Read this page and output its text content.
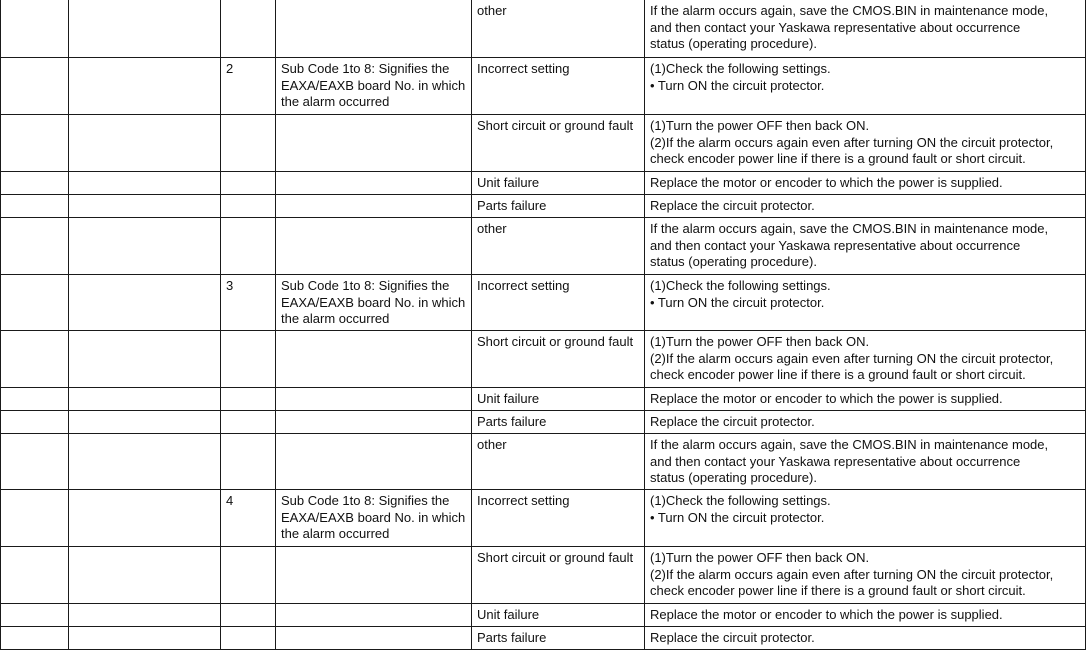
				other	If the alarm occurs again, save the CMOS.BIN in maintenance mode,
and then contact your Yaskawa representative about occurrence
status (operating procedure).

		2	Sub Code 1to 8: Signifies the EAXA/EAXB board No. in which the alarm occurred	Incorrect setting	(1)Check the following settings.
• Turn ON the circuit protector.

				Short circuit or ground fault	(1)Turn the power OFF then back ON.
(2)If the alarm occurs again even after turning ON the circuit protector,
check encoder power line if there is a ground fault or short circuit.

				Unit failure	Replace the motor or encoder to which the power is supplied.

				Parts failure	Replace the circuit protector.

				other	If the alarm occurs again, save the CMOS.BIN in maintenance mode,
and then contact your Yaskawa representative about occurrence
status (operating procedure).

		3	Sub Code 1to 8: Signifies the EAXA/EAXB board No. in which the alarm occurred	Incorrect setting	(1)Check the following settings.
• Turn ON the circuit protector.

				Short circuit or ground fault	(1)Turn the power OFF then back ON.
(2)If the alarm occurs again even after turning ON the circuit protector,
check encoder power line if there is a ground fault or short circuit.

				Unit failure	Replace the motor or encoder to which the power is supplied.

				Parts failure	Replace the circuit protector.

				other	If the alarm occurs again, save the CMOS.BIN in maintenance mode,
and then contact your Yaskawa representative about occurrence
status (operating procedure).

		4	Sub Code 1to 8: Signifies the EAXA/EAXB board No. in which the alarm occurred	Incorrect setting	(1)Check the following settings.
• Turn ON the circuit protector.

				Short circuit or ground fault	(1)Turn the power OFF then back ON.
(2)If the alarm occurs again even after turning ON the circuit protector,
check encoder power line if there is a ground fault or short circuit.

				Unit failure	Replace the motor or encoder to which the power is supplied.

				Parts failure	Replace the circuit protector.
